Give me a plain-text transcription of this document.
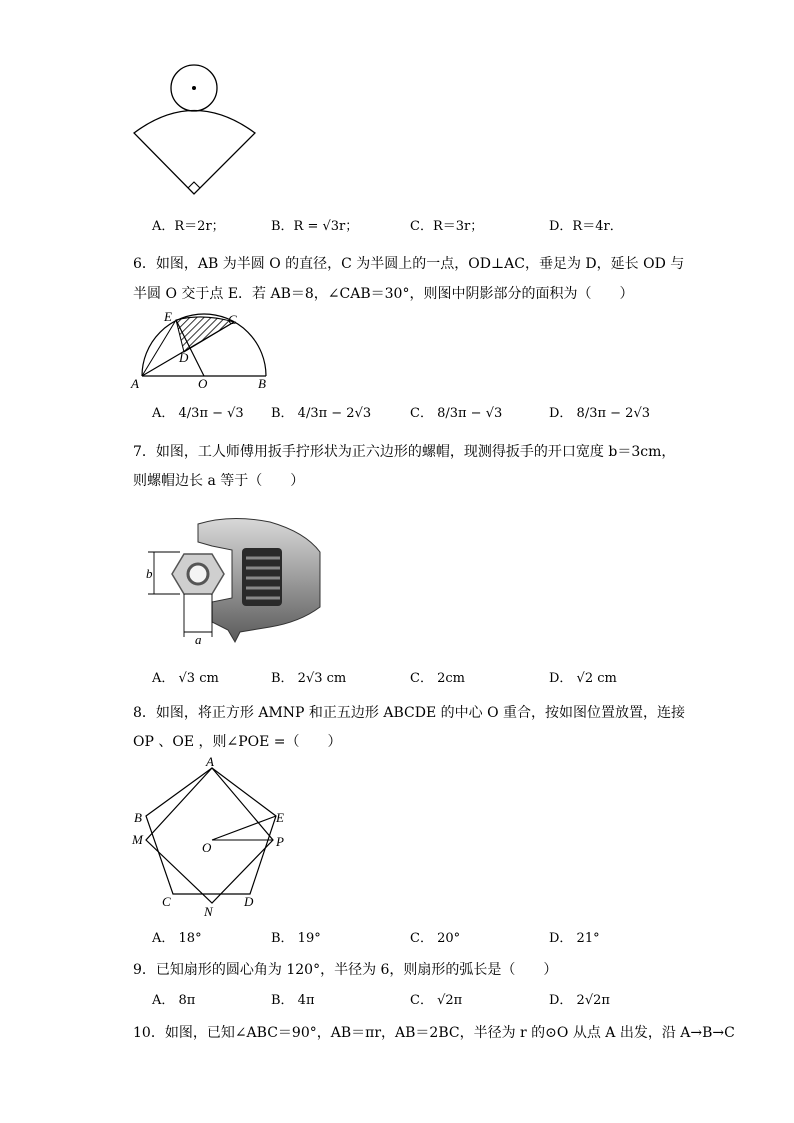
A．R＝2r；	B．R = √3r；	C．R＝3r；	D．R＝4r．
6．如图，AB 为半圆 O 的直径，C 为半圆上的一点，OD⊥AC，垂足为 D，延长 OD 与
半圆 O 交于点 E．若 AB＝8，∠CAB＝30°，则图中阴影部分的面积为（　　）
E	C
D
A	O	B
A． 4/3π − √3 B． 4/3π − 2√3	C． 8/3π − √3	D． 8/3π − 2√3
7．如图，工人师傅用扳手拧形状为正六边形的螺帽，现测得扳手的开口宽度 b＝3cm，
则螺帽边长 a 等于（　　）
b
a
A． √3 cm	B． 2√3 cm	C． 2cm	D． √2 cm
8．如图，将正方形 AMNP 和正五边形 ABCDE 的中心 O 重合，按如图位置放置，连接
OP 、OE ，则∠POE =（　　）
A
B
M
E
P
O
C
N
D
A． 18°	B． 19°	C． 20°	D． 21°
9．已知扇形的圆心角为 120°，半径为 6，则扇形的弧长是（　　）
A． 8π	B． 4π	C． √2π	D． 2√2π
10．如图，已知∠ABC＝90°，AB＝πr，AB＝2BC，半径为 r 的⊙O 从点 A 出发，沿 A→B→C
